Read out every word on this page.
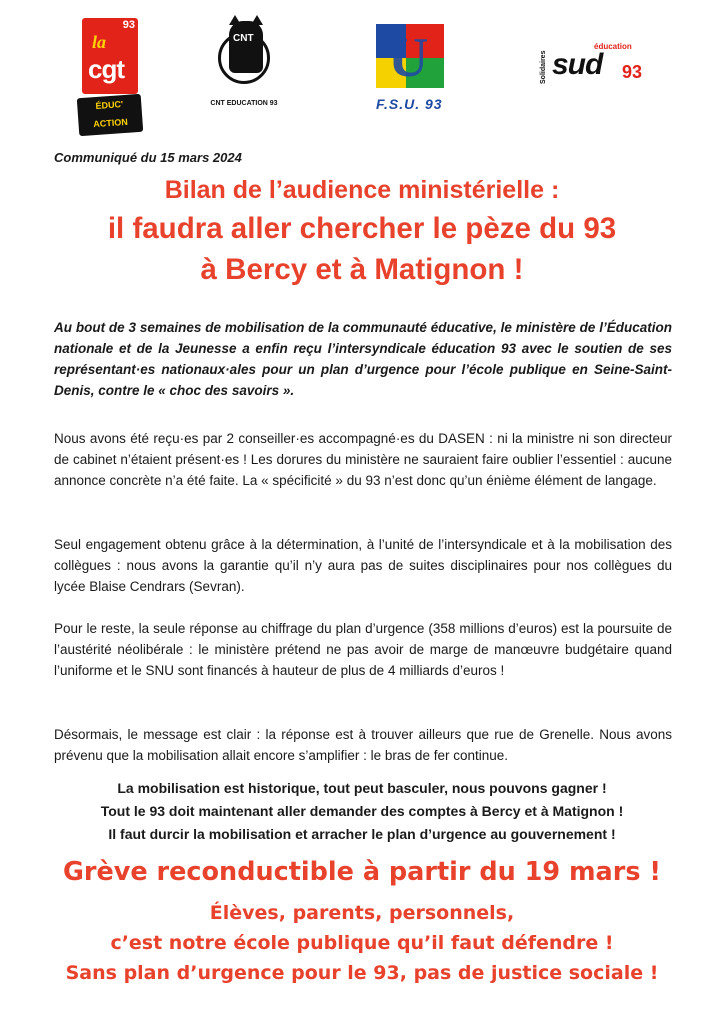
93
la
cgt
ÉDUC'
ACTION
CNT
CNT EDUCATION 93
U
F.S.U. 93
Solidaires
éducation
sud 93
Communiqué du 15 mars 2024
Bilan de l’audience ministérielle :
il faudra aller chercher le pèze du 93
à Bercy et à Matignon !
Au bout de 3 semaines de mobilisation de la communauté éducative, le ministère de l’Éducation nationale et de la Jeunesse a enfin reçu l’intersyndicale éducation 93 avec le soutien de ses représentant·es nationaux·ales pour un plan d’urgence pour l’école publique en Seine-Saint-Denis, contre le « choc des savoirs ».
Nous avons été reçu·es par 2 conseiller·es accompagné·es du DASEN : ni la ministre ni son directeur de cabinet n’étaient présent·es ! Les dorures du ministère ne sauraient faire oublier l’essentiel : aucune annonce concrète n’a été faite. La « spécificité » du 93 n’est donc qu’un énième élément de langage.
Seul engagement obtenu grâce à la détermination, à l’unité de l’intersyndicale et à la mobilisation des collègues : nous avons la garantie qu’il n’y aura pas de suites disciplinaires pour nos collègues du lycée Blaise Cendrars (Sevran).
Pour le reste, la seule réponse au chiffrage du plan d’urgence (358 millions d’euros) est la poursuite de l’austérité néolibérale : le ministère prétend ne pas avoir de marge de manœuvre budgétaire quand l’uniforme et le SNU sont financés à hauteur de plus de 4 milliards d’euros !
Désormais, le message est clair : la réponse est à trouver ailleurs que rue de Grenelle. Nous avons prévenu que la mobilisation allait encore s’amplifier : le bras de fer continue.
La mobilisation est historique, tout peut basculer, nous pouvons gagner !
Tout le 93 doit maintenant aller demander des comptes à Bercy et à Matignon !
Il faut durcir la mobilisation et arracher le plan d’urgence au gouvernement !
Grève reconductible à partir du 19 mars !
Élèves, parents, personnels,
c’est notre école publique qu’il faut défendre !
Sans plan d’urgence pour le 93, pas de justice sociale !
